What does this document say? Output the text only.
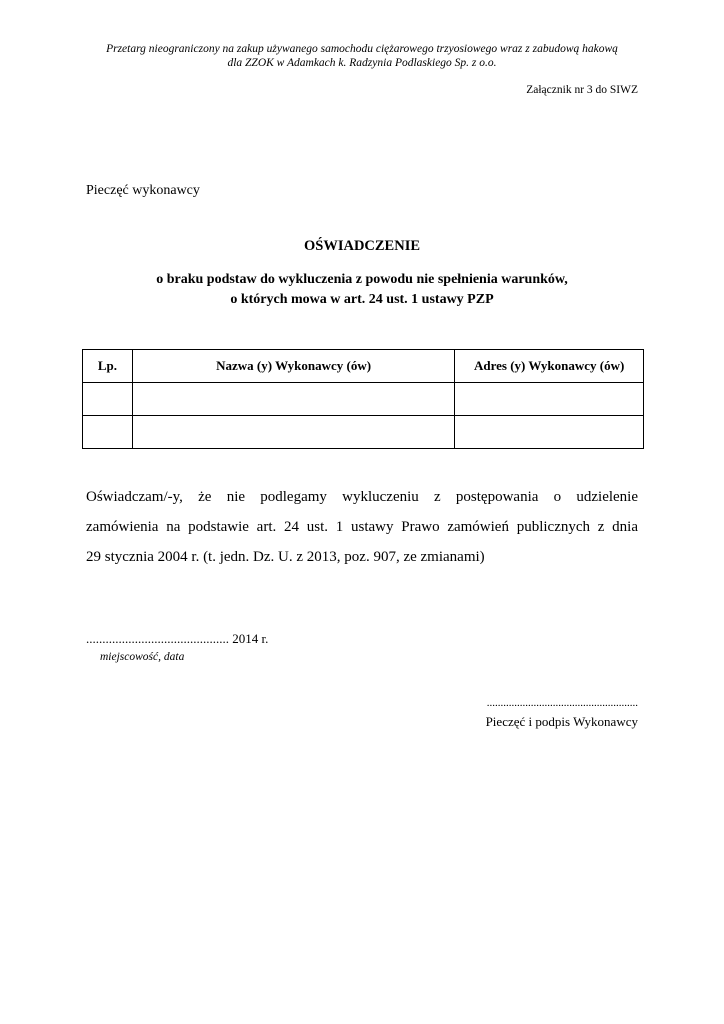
Przetarg nieograniczony na zakup używanego samochodu ciężarowego trzyosiowego wraz z zabudową hakową
dla ZZOK w Adamkach k. Radzynia Podlaskiego Sp. z o.o.
Załącznik nr 3 do SIWZ
Pieczęć wykonawcy
OŚWIADCZENIE
o braku podstaw do wykluczenia z powodu nie spełnienia warunków,
o których mowa w art. 24 ust. 1 ustawy PZP
Lp.	Nazwa (y) Wykonawcy (ów)	Adres (y) Wykonawcy (ów)

Oświadczam/-y, że nie podlegamy wykluczeniu z postępowania o udzielenie
zamówienia na podstawie art. 24 ust. 1 ustawy Prawo zamówień publicznych z dnia
29 stycznia 2004 r. (t. jedn. Dz. U. z 2013, poz. 907, ze zmianami)
............................................ 2014 r.
miejscowość, data
.......................................................
Pieczęć i podpis Wykonawcy
